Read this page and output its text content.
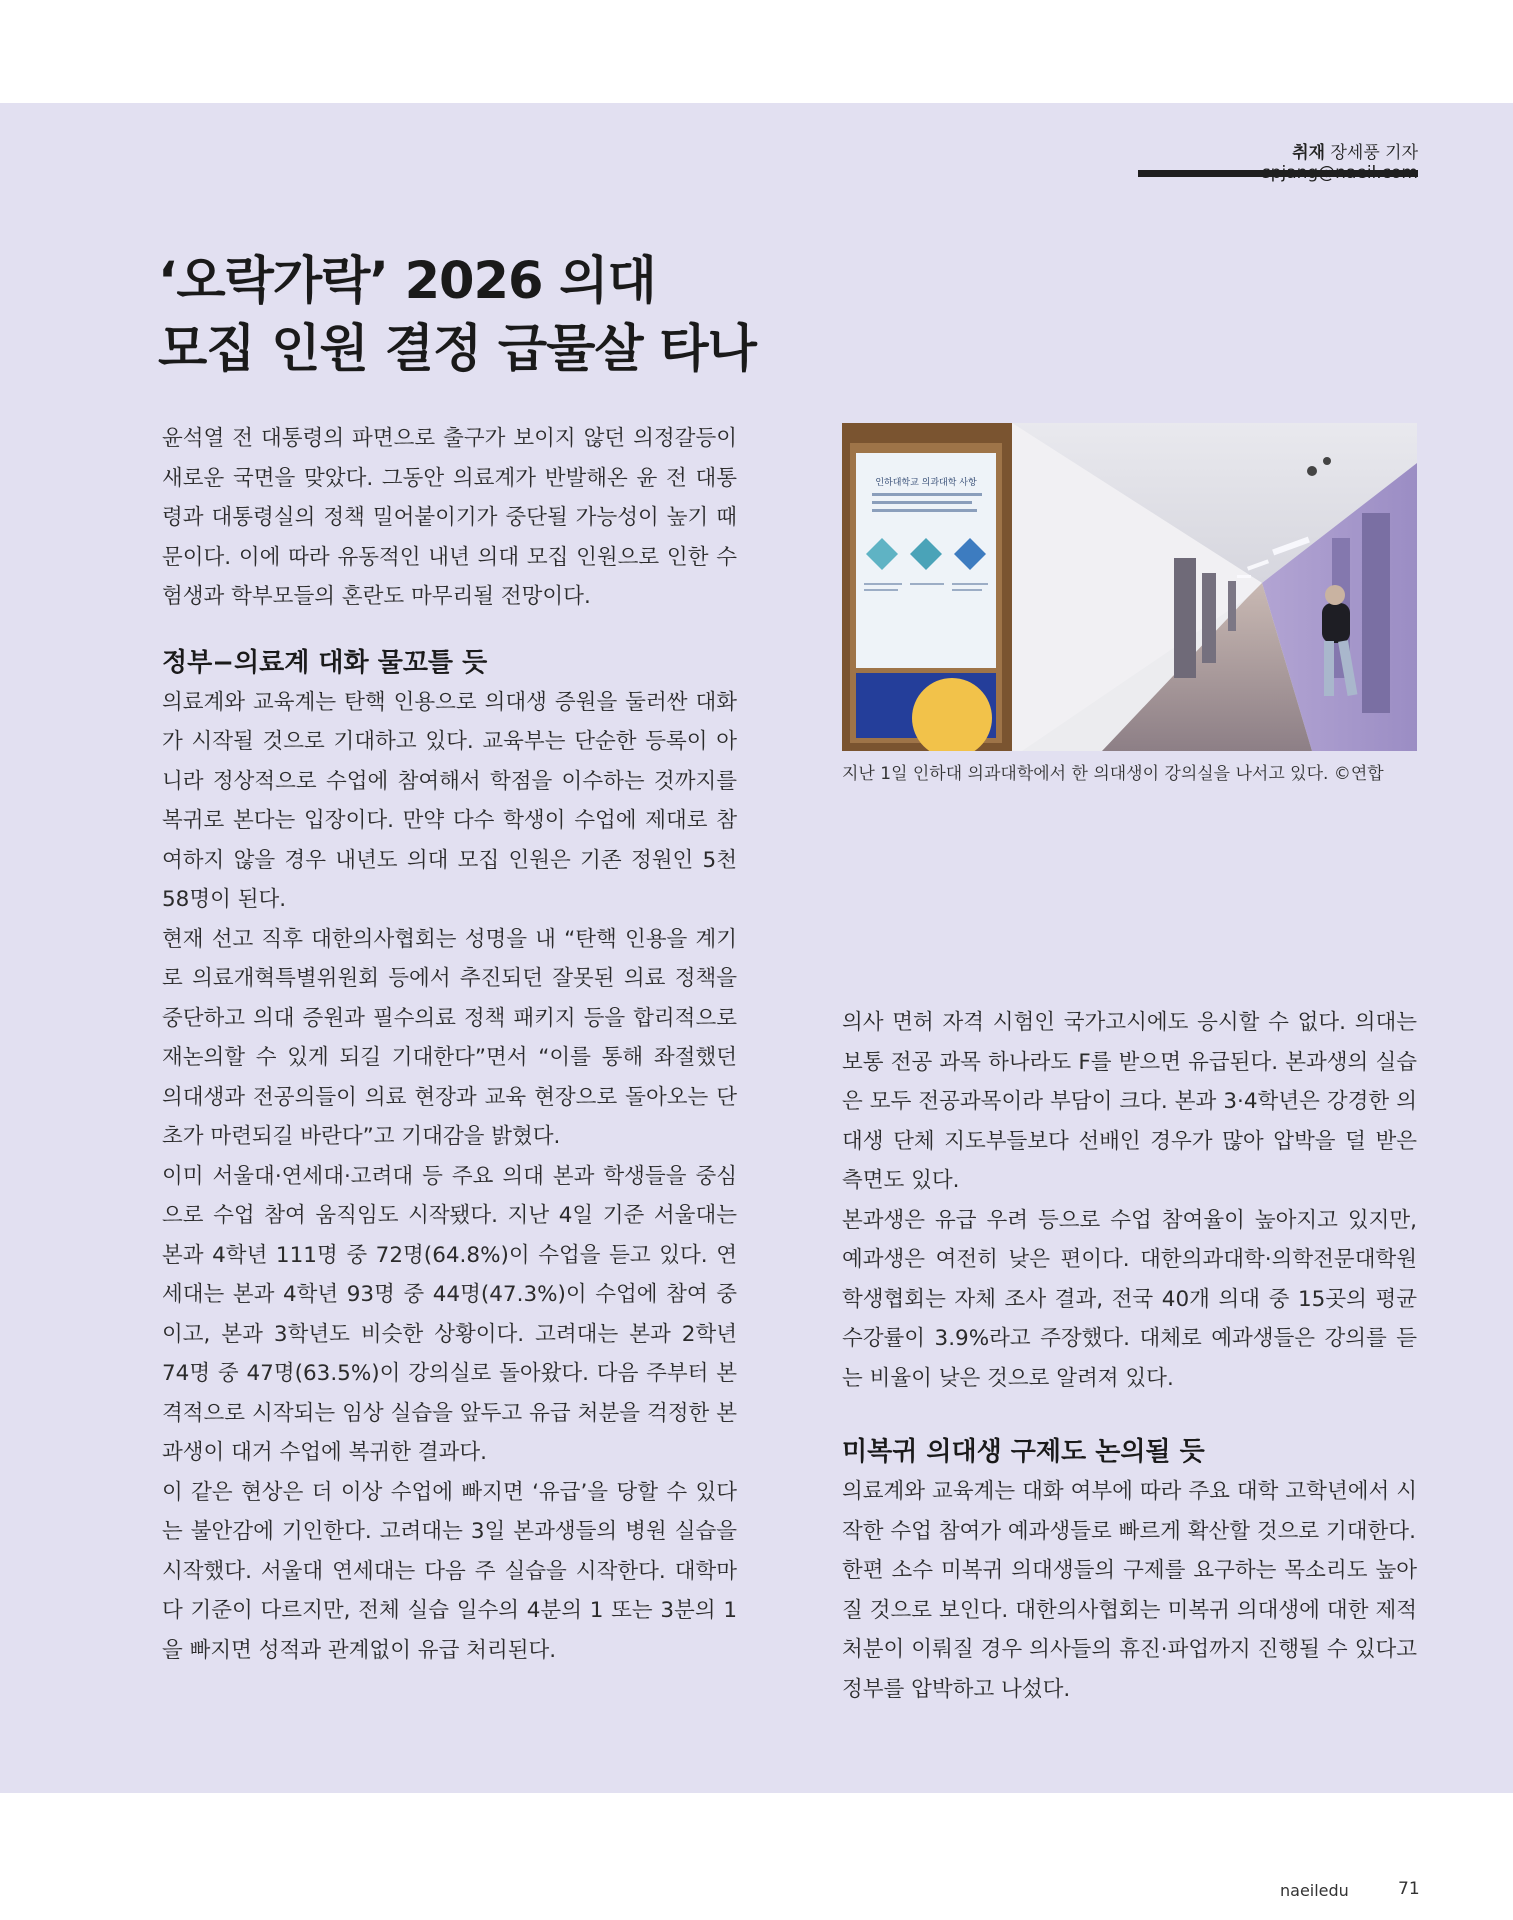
취재 장세풍 기자
‘오락가락’ 2026 의대
모집 인원 결정 급물살 타나

윤석열 전 대통령의 파면으로 출구가 보이지 않던 의정갈등이 새로운 국면을 맞았다. 그동안 의료계가 반발해온 윤 전 대통령과 대통령실의 정책 밀어붙이기가 중단될 가능성이 높기 때문이다. 이에 따라 유동적인 내년 의대 모집 인원으로 인한 수험생과 학부모들의 혼란도 마무리될 전망이다.

정부−의료계 대화 물꼬틀 듯

의료계와 교육계는 탄핵 인용으로 의대생 증원을 둘러싼 대화가 시작될 것으로 기대하고 있다. 교육부는 단순한 등록이 아니라 정상적으로 수업에 참여해서 학점을 이수하는 것까지를 복귀로 본다는 입장이다. 만약 다수 학생이 수업에 제대로 참여하지 않을 경우 내년도 의대 모집 인원은 기존 정원인 5천58명이 된다.

현재 선고 직후 대한의사협회는 성명을 내 “탄핵 인용을 계기로 의료개혁특별위원회 등에서 추진되던 잘못된 의료 정책을 중단하고 의대 증원과 필수의료 정책 패키지 등을 합리적으로 재논의할 수 있게 되길 기대한다”면서 “이를 통해 좌절했던 의대생과 전공의들이 의료 현장과 교육 현장으로 돌아오는 단초가 마련되길 바란다”고 기대감을 밝혔다.

이미 서울대·연세대·고려대 등 주요 의대 본과 학생들을 중심으로 수업 참여 움직임도 시작됐다. 지난 4일 기준 서울대는 본과 4학년 111명 중 72명(64.8%)이 수업을 듣고 있다. 연세대는 본과 4학년 93명 중 44명(47.3%)이 수업에 참여 중이고, 본과 3학년도 비슷한 상황이다. 고려대는 본과 2학년 74명 중 47명(63.5%)이 강의실로 돌아왔다. 다음 주부터 본격적으로 시작되는 임상 실습을 앞두고 유급 처분을 걱정한 본과생이 대거 수업에 복귀한 결과다.

이 같은 현상은 더 이상 수업에 빠지면 ‘유급’을 당할 수 있다는 불안감에 기인한다. 고려대는 3일 본과생들의 병원 실습을 시작했다. 서울대 연세대는 다음 주 실습을 시작한다. 대학마다 기준이 다르지만, 전체 실습 일수의 4분의 1 또는 3분의 1을 빠지면 성적과 관계없이 유급 처리된다.

인하대학교 의과대학 사항
지난 1일 인하대 의과대학에서 한 의대생이 강의실을 나서고 있다. ©연합

의사 면허 자격 시험인 국가고시에도 응시할 수 없다. 의대는 보통 전공 과목 하나라도 F를 받으면 유급된다. 본과생의 실습은 모두 전공과목이라 부담이 크다. 본과 3·4학년은 강경한 의대생 단체 지도부들보다 선배인 경우가 많아 압박을 덜 받은 측면도 있다.

본과생은 유급 우려 등으로 수업 참여율이 높아지고 있지만, 예과생은 여전히 낮은 편이다. 대한의과대학·의학전문대학원학생협회는 자체 조사 결과, 전국 40개 의대 중 15곳의 평균 수강률이 3.9%라고 주장했다. 대체로 예과생들은 강의를 듣는 비율이 낮은 것으로 알려져 있다.

미복귀 의대생 구제도 논의될 듯

의료계와 교육계는 대화 여부에 따라 주요 대학 고학년에서 시작한 수업 참여가 예과생들로 빠르게 확산할 것으로 기대한다.

한편 소수 미복귀 의대생들의 구제를 요구하는 목소리도 높아질 것으로 보인다. 대한의사협회는 미복귀 의대생에 대한 제적 처분이 이뤄질 경우 의사들의 휴진·파업까지 진행될 수 있다고 정부를 압박하고 나섰다.

naeiledu	71
